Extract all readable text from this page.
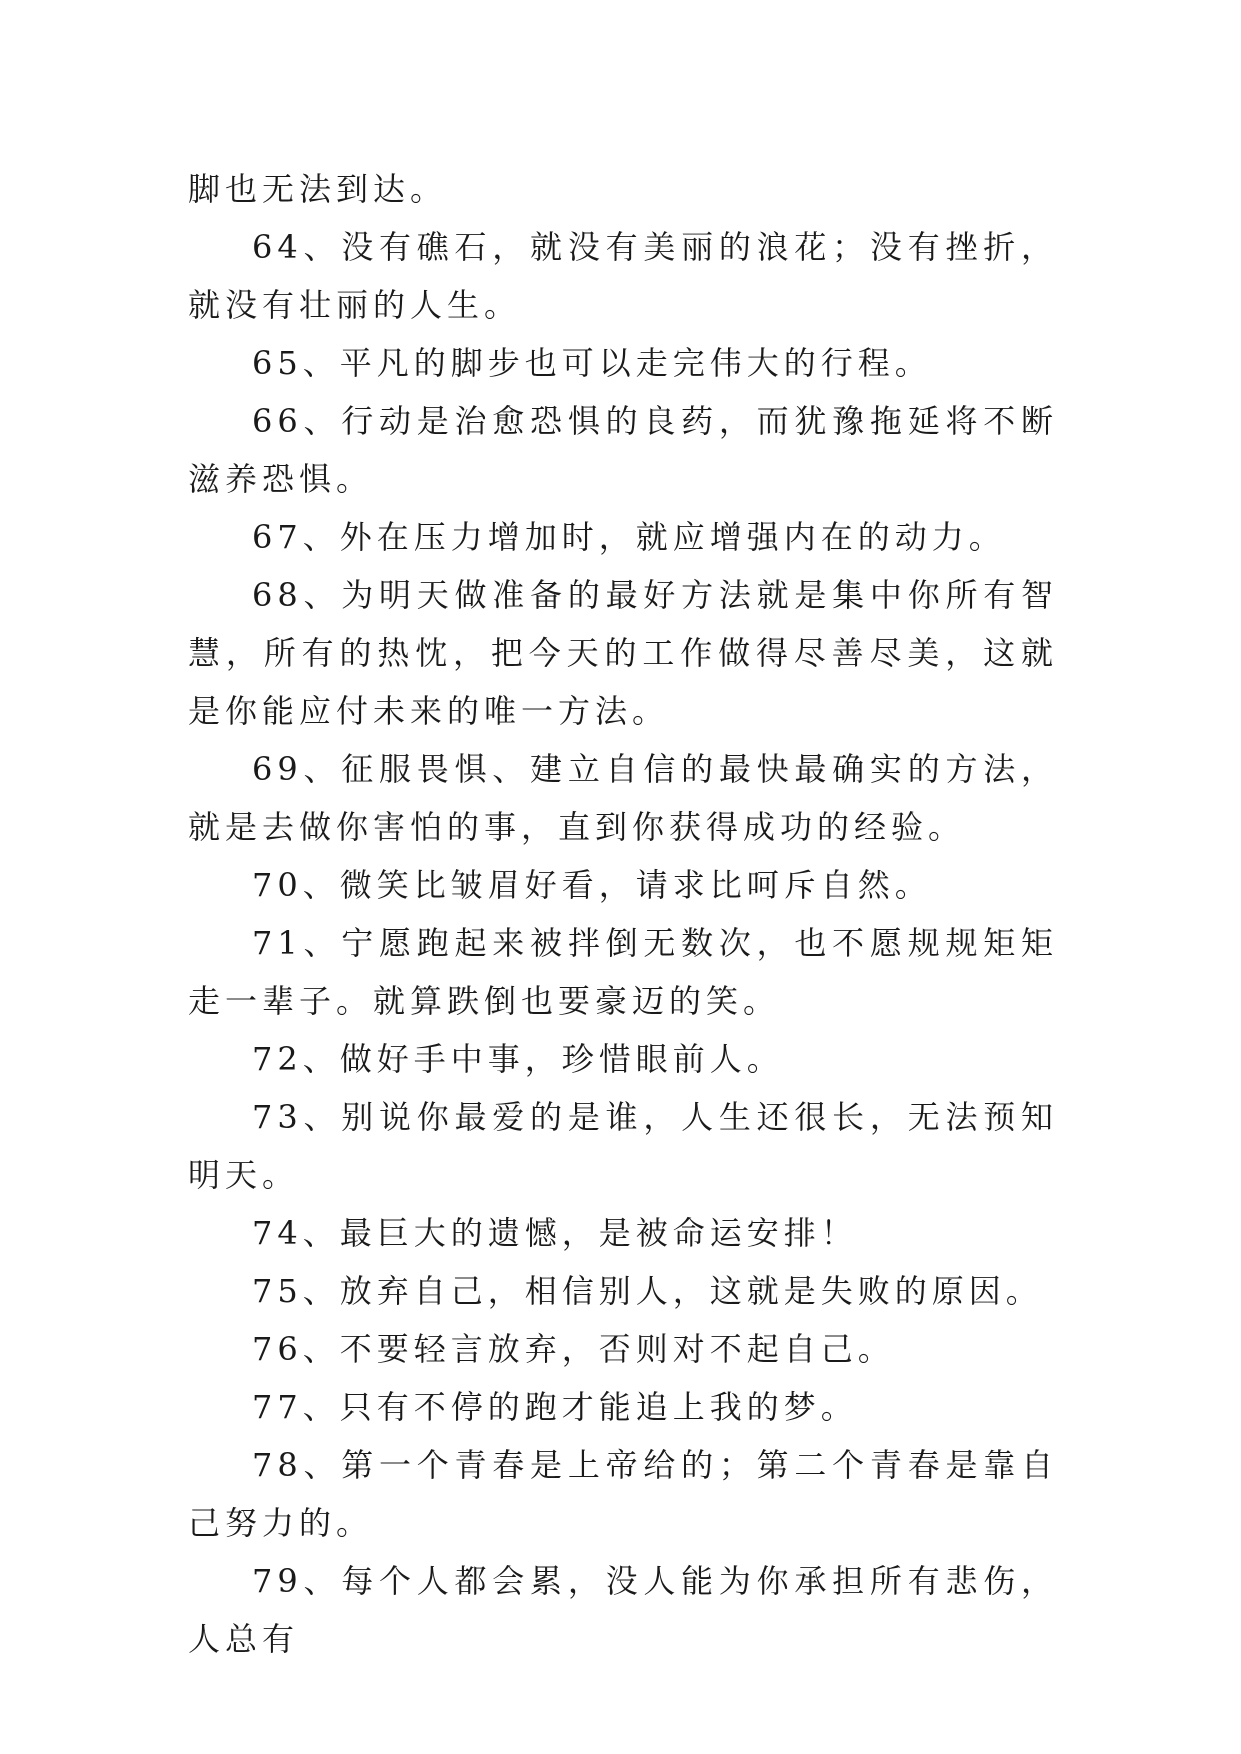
脚也无法到达。

64、没有礁石，就没有美丽的浪花；没有挫折，就没有壮丽的人生。

65、平凡的脚步也可以走完伟大的行程。

66、行动是治愈恐惧的良药，而犹豫拖延将不断滋养恐惧。

67、外在压力增加时，就应增强内在的动力。

68、为明天做准备的最好方法就是集中你所有智慧，所有的热忱，把今天的工作做得尽善尽美，这就是你能应付未来的唯一方法。

69、征服畏惧、建立自信的最快最确实的方法，就是去做你害怕的事，直到你获得成功的经验。

70、微笑比皱眉好看，请求比呵斥自然。

71、宁愿跑起来被拌倒无数次，也不愿规规矩矩走一辈子。就算跌倒也要豪迈的笑。

72、做好手中事，珍惜眼前人。

73、别说你最爱的是谁，人生还很长，无法预知明天。

74、最巨大的遗憾，是被命运安排！

75、放弃自己，相信别人，这就是失败的原因。

76、不要轻言放弃，否则对不起自己。

77、只有不停的跑才能追上我的梦。

78、第一个青春是上帝给的；第二个青春是靠自己努力的。

79、每个人都会累，没人能为你承担所有悲伤，人总有
